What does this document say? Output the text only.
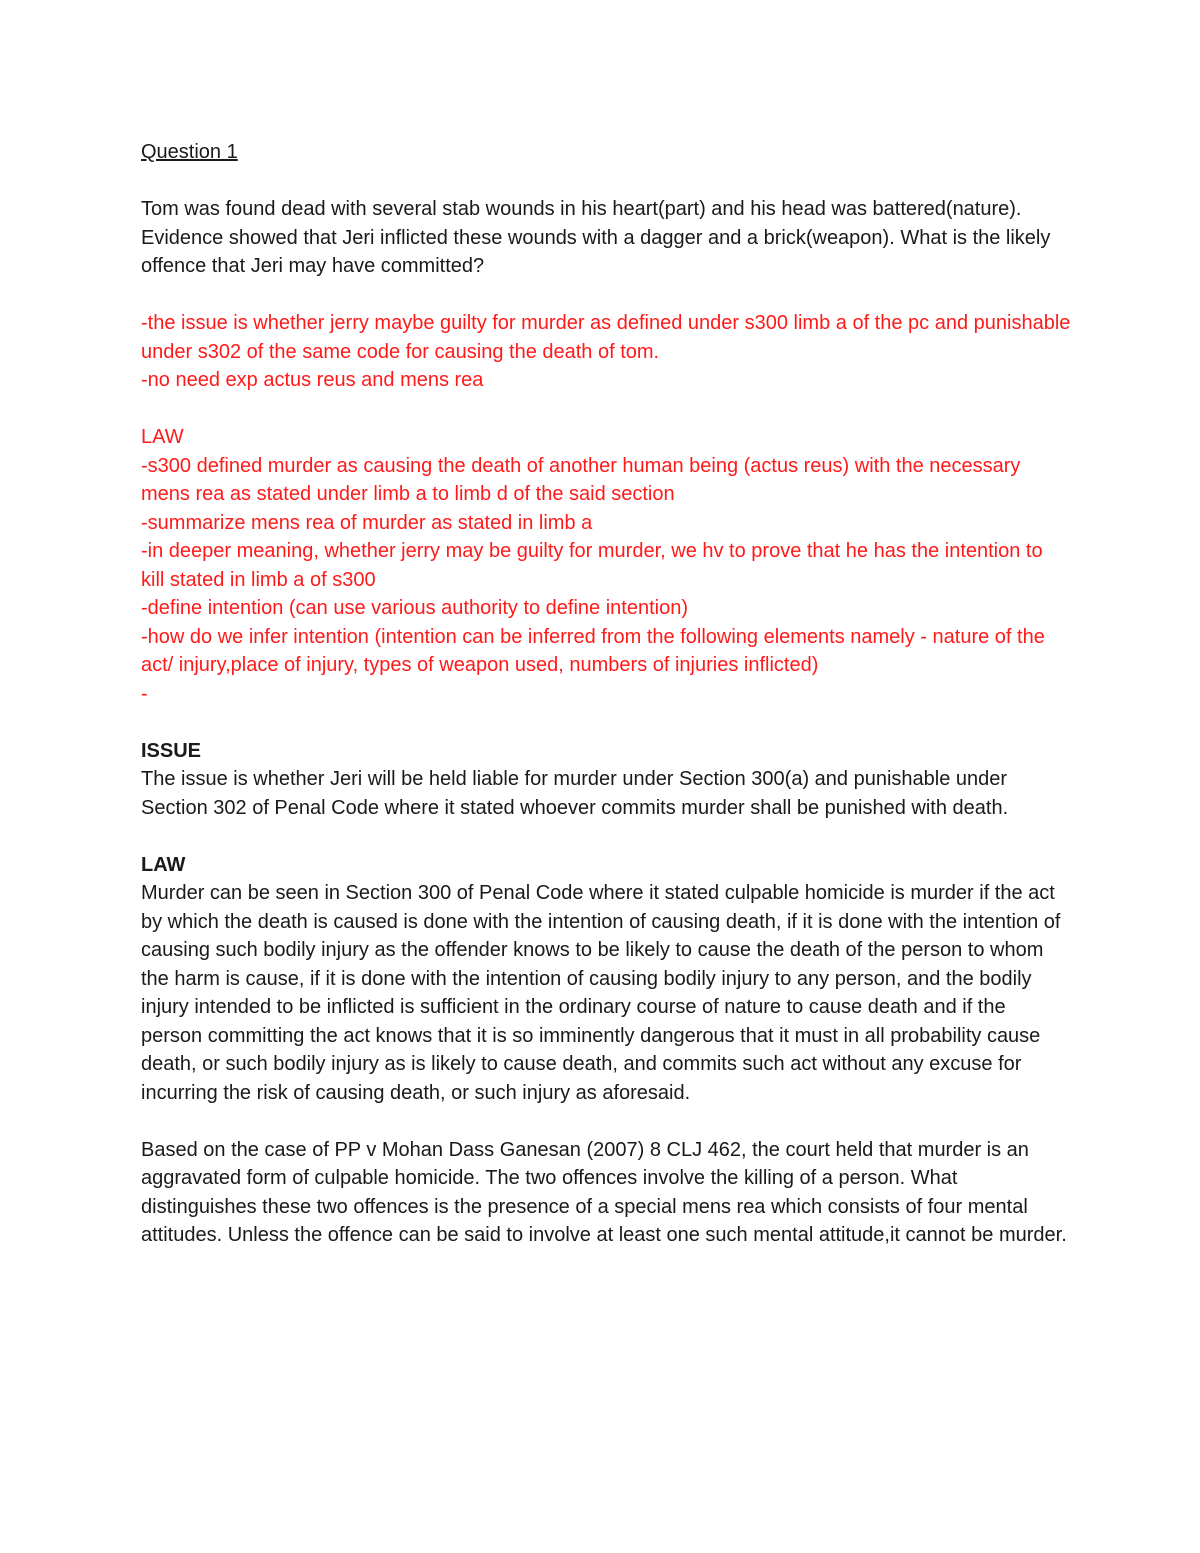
Question 1

Tom was found dead with several stab wounds in his heart(part) and his head was battered(nature). Evidence showed that Jeri inflicted these wounds with a dagger and a brick(weapon). What is the likely offence that Jeri may have committed?

-the issue is whether jerry maybe guilty for murder as defined under s300 limb a of the pc and punishable under s302 of the same code for causing the death of tom.

-no need exp actus reus and mens rea

LAW

-s300 defined murder as causing the death of another human being (actus reus) with the necessary mens rea as stated under limb a to limb d of the said section

-summarize mens rea of murder as stated in limb a

-in deeper meaning, whether jerry may be guilty for murder, we hv to prove that he has the intention to kill stated in limb a of s300

-define intention (can use various authority to define intention)

-how do we infer intention (intention can be inferred from the following elements namely - nature of the act/ injury,place of injury, types of weapon used, numbers of injuries inflicted)

-

ISSUE

The issue is whether Jeri will be held liable for murder under Section 300(a) and punishable under Section 302 of Penal Code where it stated whoever commits murder shall be punished with death.

LAW

Murder can be seen in Section 300 of Penal Code where it stated culpable homicide is murder if the act by which the death is caused is done with the intention of causing death, if it is done with the intention of causing such bodily injury as the offender knows to be likely to cause the death of the person to whom the harm is cause, if it is done with the intention of causing bodily injury to any person, and the bodily injury intended to be inflicted is sufficient in the ordinary course of nature to cause death and if the person committing the act knows that it is so imminently dangerous that it must in all probability cause death, or such bodily injury as is likely to cause death, and commits such act without any excuse for incurring the risk of causing death, or such injury as aforesaid.

Based on the case of PP v Mohan Dass Ganesan (2007) 8 CLJ 462, the court held that murder is an aggravated form of culpable homicide. The two offences involve the killing of a person. What distinguishes these two offences is the presence of a special mens rea which consists of four mental attitudes. Unless the offence can be said to involve at least one such mental attitude,it cannot be murder.
